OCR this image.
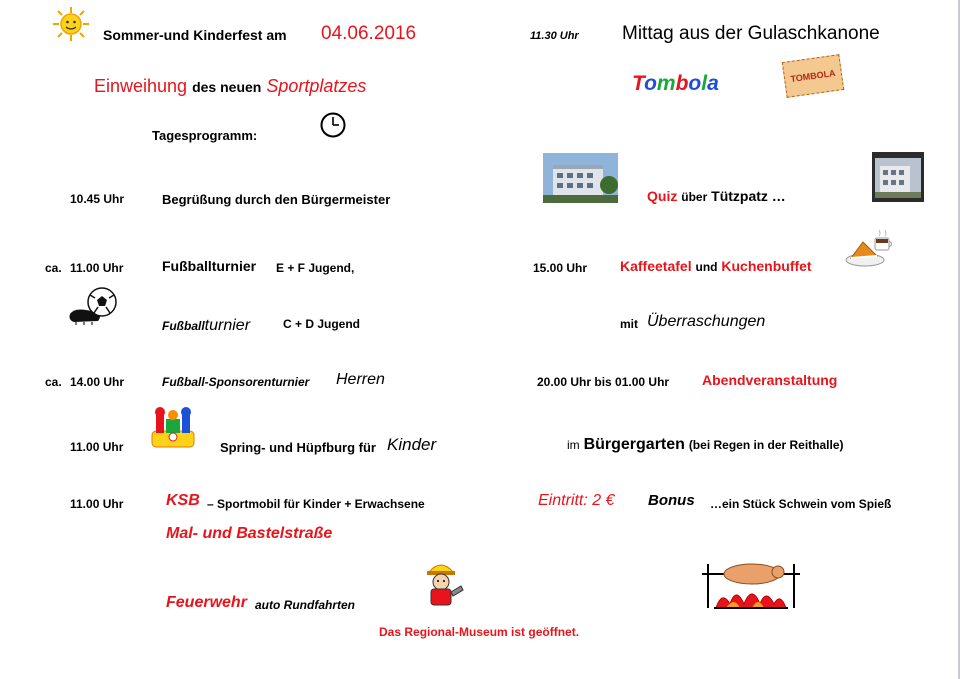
Sommer-und Kinderfest am 04.06.2016
Einweihung des neuen Sportplatzes
Tagesprogramm:
10.45 Uhr	Begrüßung durch den Bürgermeister
ca. 11.00 Uhr	Fußballturnier E + F Jugend,
Fußballturnier	C + D Jugend
ca. 14.00 Uhr	Fußball-Sponsorenturnier Herren
11.00 Uhr	Spring- und Hüpfburg für Kinder
11.00 Uhr	KSB – Sportmobil für Kinder + Erwachsene
Mal- und Bastelstraße
Feuerwehr auto Rundfahrten
Das Regional-Museum ist geöffnet.
11.30 Uhr Mittag aus der Gulaschkanone
Tombola	TOMBOLA
Quiz über Tützpatz …
15.00 Uhr Kaffeetafel und Kuchenbuffet
mit Überraschungen
20.00 Uhr bis 01.00 Uhr Abendveranstaltung
im Bürgergarten (bei Regen in der Reithalle)
Eintritt: 2 € Bonus …ein Stück Schwein vom Spieß
